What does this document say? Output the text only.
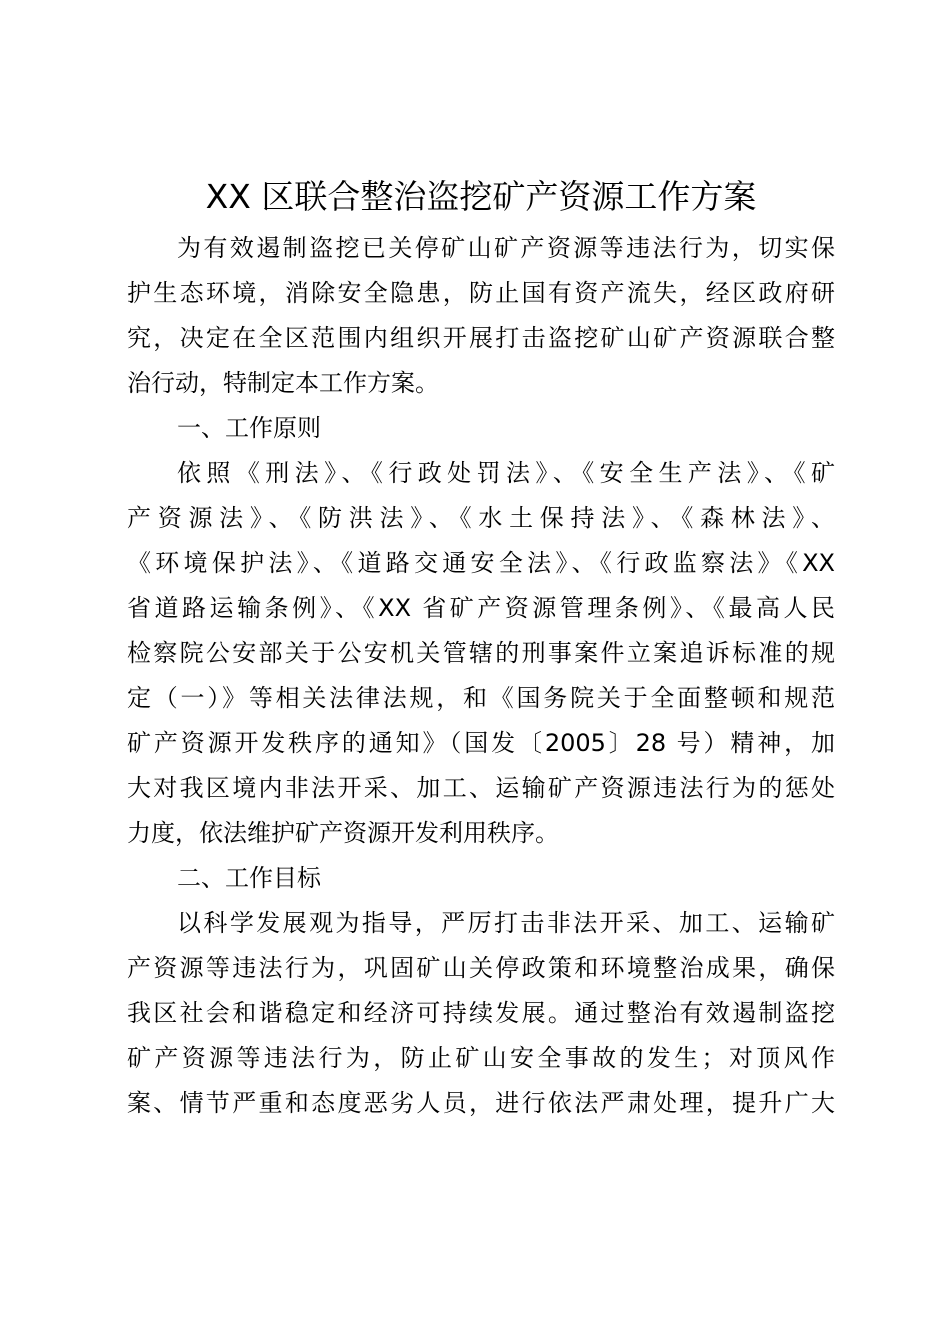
XX 区联合整治盗挖矿产资源工作方案
为有效遏制盗挖已关停矿山矿产资源等违法行为，切实保
护生态环境，消除安全隐患，防止国有资产流失，经区政府研
究，决定在全区范围内组织开展打击盗挖矿山矿产资源联合整
治行动，特制定本工作方案。
一、工作原则
依照《刑法》、《行政处罚法》、《安全生产法》、《矿
产资源法》、《防洪法》、《水土保持法》、《森林法》、
《环境保护法》、《道路交通安全法》、《行政监察法》《XX
省道路运输条例》、《XX 省矿产资源管理条例》、《最高人民
检察院公安部关于公安机关管辖的刑事案件立案追诉标准的规
定（一）》等相关法律法规，和《国务院关于全面整顿和规范
矿产资源开发秩序的通知》（国发〔2005〕28 号）精神，加
大对我区境内非法开采、加工、运输矿产资源违法行为的惩处
力度，依法维护矿产资源开发利用秩序。
二、工作目标
以科学发展观为指导，严厉打击非法开采、加工、运输矿
产资源等违法行为，巩固矿山关停政策和环境整治成果，确保
我区社会和谐稳定和经济可持续发展。通过整治有效遏制盗挖
矿产资源等违法行为，防止矿山安全事故的发生；对顶风作
案、情节严重和态度恶劣人员，进行依法严肃处理，提升广大
